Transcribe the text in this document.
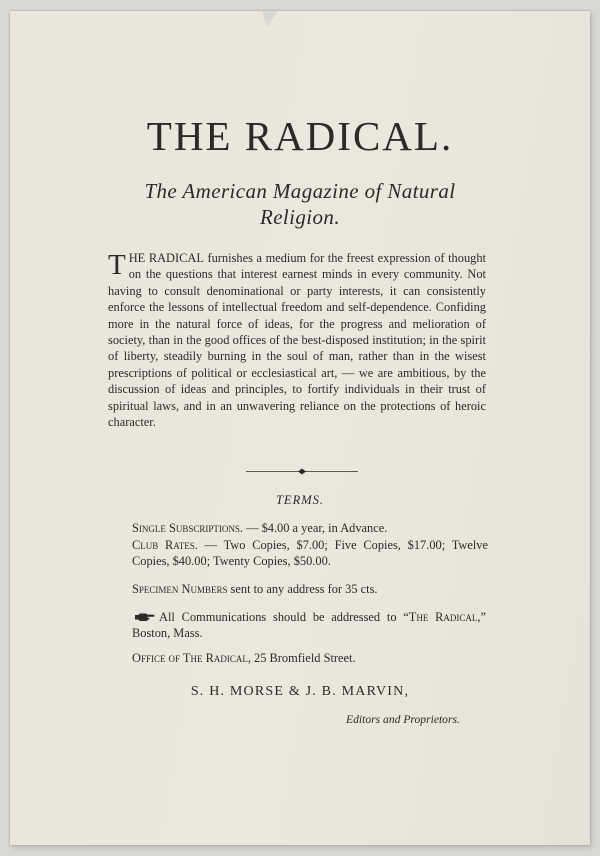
THE RADICAL.
The American Magazine of Natural
Religion.
THE RADICAL furnishes a medium for the freest expression of thought on the questions that interest earnest minds in every community. Not having to consult denominational or party interests, it can consistently enforce the lessons of intellectual freedom and self-dependence. Confiding more in the natural force of ideas, for the progress and melioration of society, than in the good offices of the best-disposed institution; in the spirit of liberty, steadily burning in the soul of man, rather than in the wisest prescriptions of political or ecclesiastical art, — we are ambitious, by the discussion of ideas and principles, to fortify individuals in their trust of spiritual laws, and in an unwavering reliance on the protections of heroic character.
TERMS.
Single Subscriptions. — $4.00 a year, in Advance.
Club Rates. — Two Copies, $7.00; Five Copies, $17.00; Twelve Copies, $40.00; Twenty Copies, $50.00.
Specimen Numbers sent to any address for 35 cts.
All Communications should be addressed to “The Radical,” Boston, Mass.
Office of The Radical, 25 Bromfield Street.
S. H. MORSE & J. B. MARVIN,
Editors and Proprietors.
